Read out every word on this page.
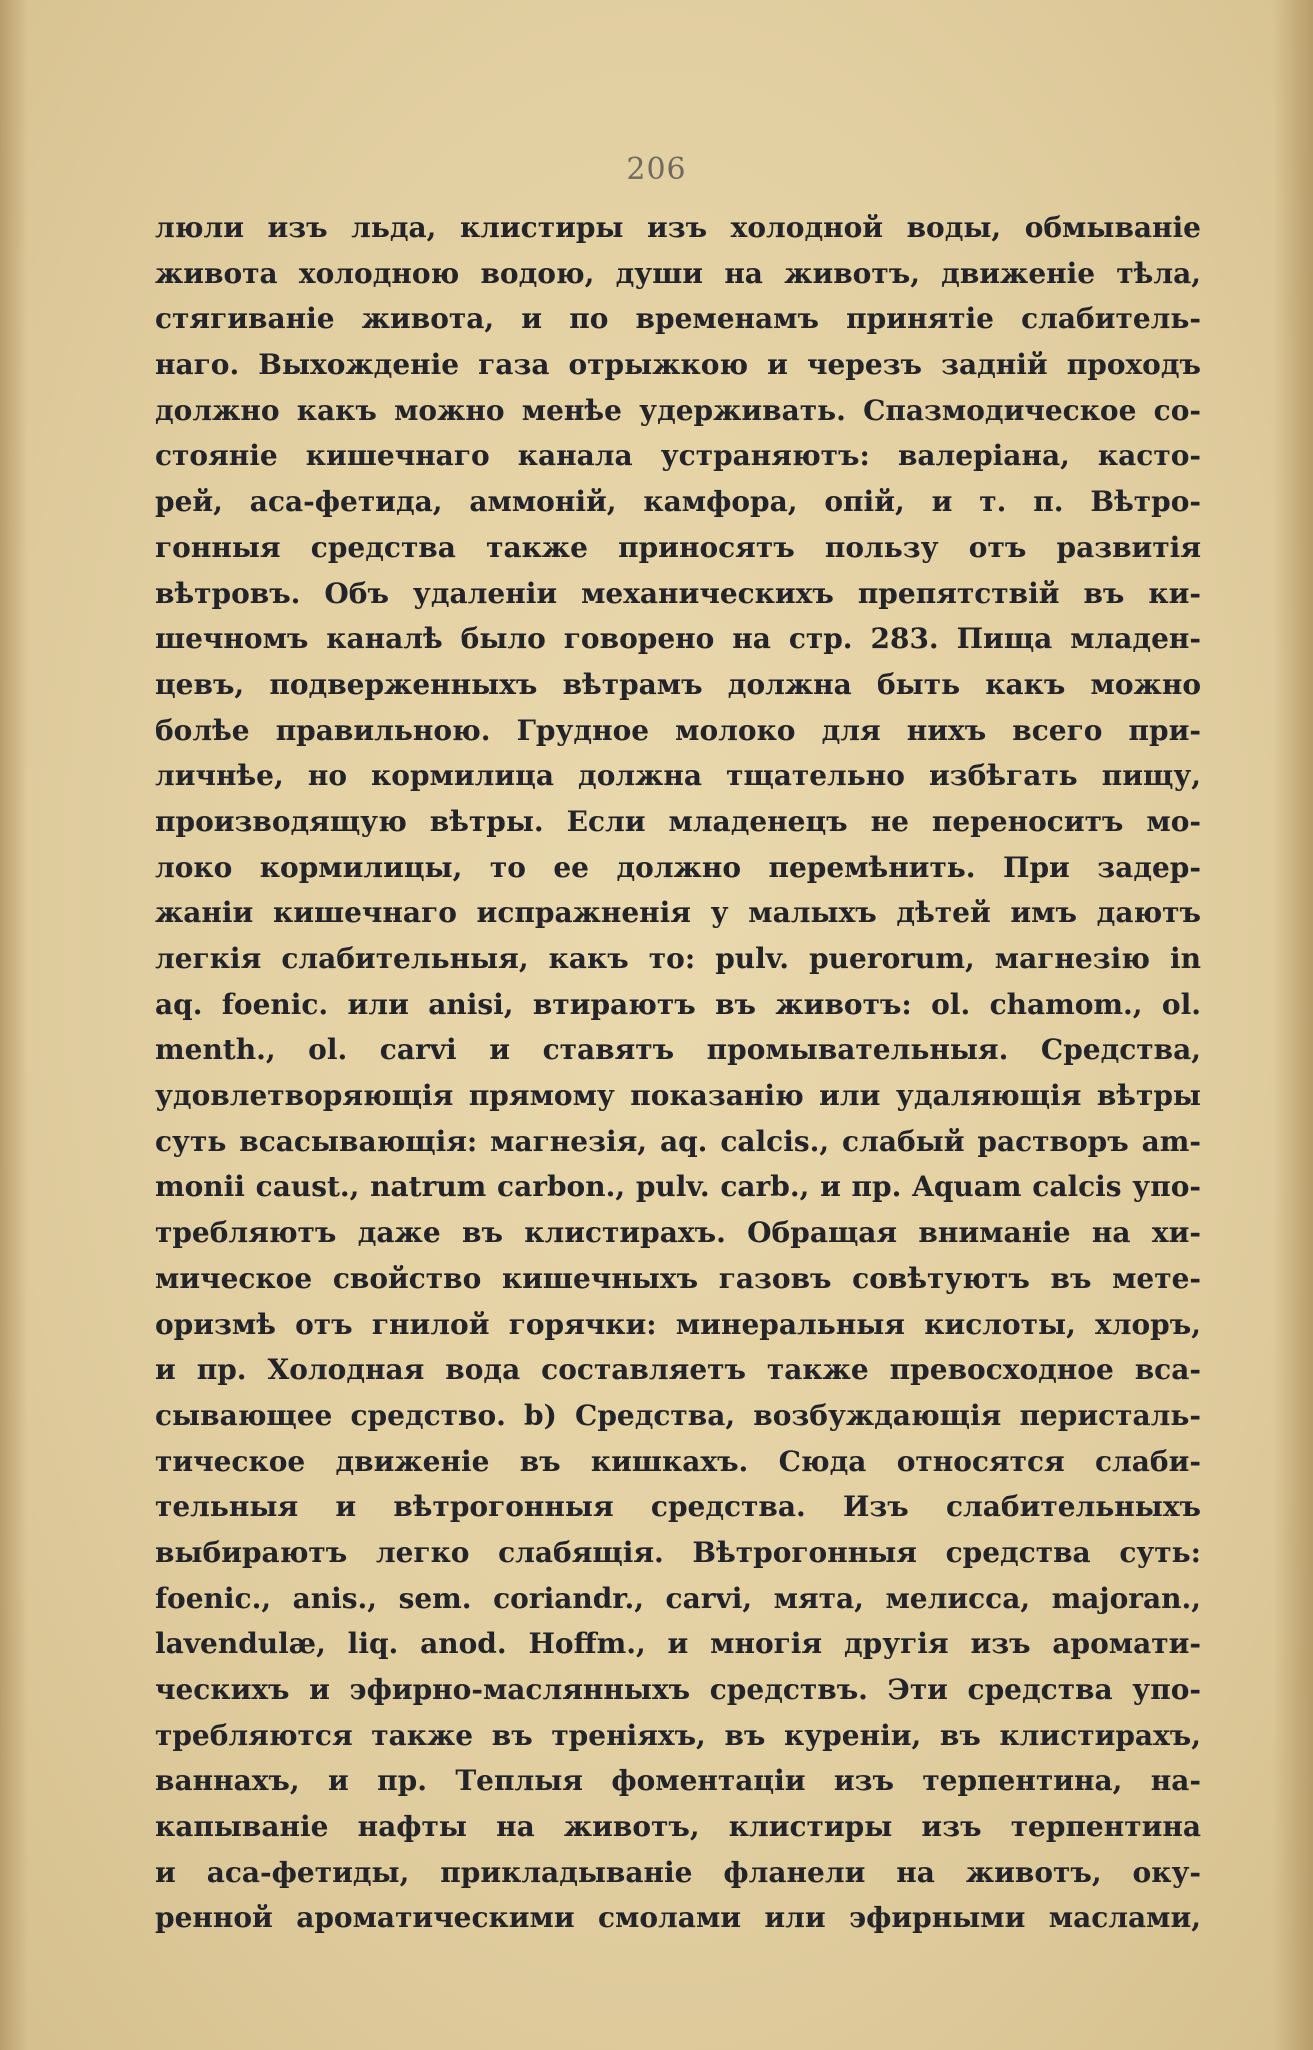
206
люли изъ льда, клистиры изъ холодной воды, обмыванie
живота холодною водою, души на животъ, движенie тѣла,
стягиванie живота, и по временамъ принятie слабитель-
наго. Выхожденie газа отрыжкою и черезъ заднiй проходъ
должно какъ можно менѣе удерживать. Спазмодическое со-
стоянie кишечнаго канала устраняютъ: валерiана, касто-
рей, аса-фетида, аммонiй, камфора, опiй, и т. п. Вѣтро-
гонныя средства также приносятъ пользу отъ развитiя
вѣтровъ. Объ удаленiи механическихъ препятствiй въ ки-
шечномъ каналѣ было говорено на стр. 283. Пища младен-
цевъ, подверженныхъ вѣтрамъ должна быть какъ можно
болѣе правильною. Грудное молоко для нихъ всего при-
личнѣе, но кормилица должна тщательно избѣгать пищу,
производящую вѣтры. Если младенецъ не переноситъ мо-
локо кормилицы, то ее должно перемѣнить. При задер-
жанiи кишечнаго испражненiя у малыхъ дѣтей имъ даютъ
легкiя слабительныя, какъ то: pulv. puerorum, магнезiю in
aq. foenic. или anisi, втираютъ въ животъ: ol. chamom., ol.
menth., ol. carvi и ставятъ промывательныя. Средства,
удовлетворяющiя прямому показанiю или удаляющiя вѣтры
суть всасывающiя: магнезiя, aq. calcis., слабый растворъ am-
monii caust., natrum carbon., pulv. carb., и пр. Aquam calcis упо-
требляютъ даже въ клистирахъ. Обращая вниманie на хи-
мическое свойство кишечныхъ газовъ совѣтуютъ въ мете-
оризмѣ отъ гнилой горячки: минеральныя кислоты, хлоръ,
и пр. Холодная вода составляетъ также превосходное вса-
сывающее средство. b) Средства, возбуждающiя перисталь-
тическое движенie въ кишкахъ. Сюда относятся слаби-
тельныя и вѣтрогонныя средства. Изъ слабительныхъ
выбираютъ легко слабящiя. Вѣтрогонныя средства суть:
foenic., anis., sem. coriandr., carvi, мята, мелисса, majoran.,
lavendulæ, liq. anod. Hoffm., и многiя другiя изъ аромати-
ческихъ и эфирно-маслянныхъ средствъ. Эти средства упо-
требляются также въ тренiяхъ, въ куренiи, въ клистирахъ,
ваннахъ, и пр. Теплыя фоментацiи изъ терпентина, на-
капыванie нафты на животъ, клистиры изъ терпентина
и аса-фетиды, прикладыванie фланели на животъ, оку-
ренной ароматическими смолами или эфирными маслами,
